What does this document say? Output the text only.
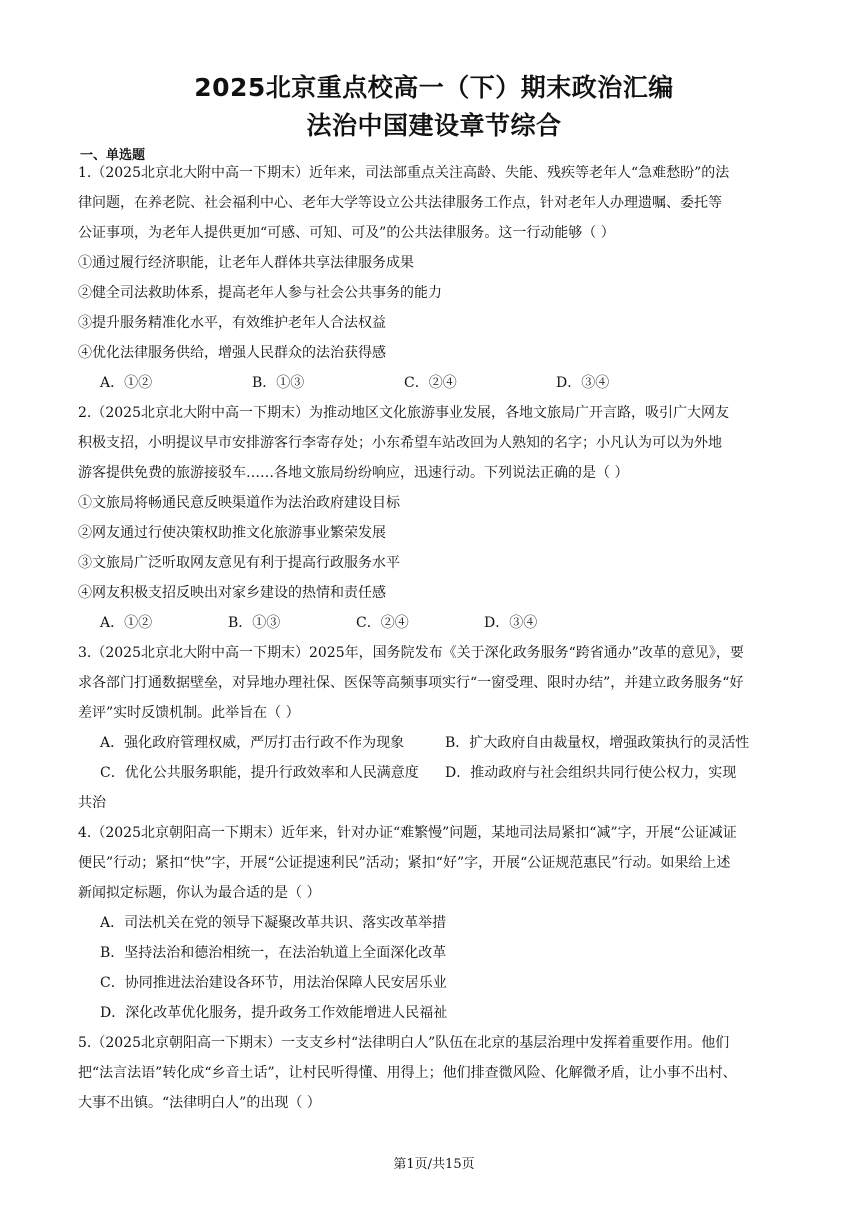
2025北京重点校高一（下）期末政治汇编
法治中国建设章节综合
一、单选题
1.（2025北京北大附中高一下期末）近年来，司法部重点关注高龄、失能、残疾等老年人“急难愁盼”的法
律问题，在养老院、社会福利中心、老年大学等设立公共法律服务工作点，针对老年人办理遗嘱、委托等
公证事项，为老年人提供更加“可感、可知、可及”的公共法律服务。这一行动能够（ ）
①通过履行经济职能，让老年人群体共享法律服务成果
②健全司法救助体系，提高老年人参与社会公共事务的能力
③提升服务精准化水平，有效维护老年人合法权益
④优化法律服务供给，增强人民群众的法治获得感
A．①②	B．①③	C．②④	D．③④
2.（2025北京北大附中高一下期末）为推动地区文化旅游事业发展，各地文旅局广开言路，吸引广大网友
积极支招，小明提议早市安排游客行李寄存处；小东希望车站改回为人熟知的名字；小凡认为可以为外地
游客提供免费的旅游接驳车……各地文旅局纷纷响应，迅速行动。下列说法正确的是（ ）
①文旅局将畅通民意反映渠道作为法治政府建设目标
②网友通过行使决策权助推文化旅游事业繁荣发展
③文旅局广泛听取网友意见有利于提高行政服务水平
④网友积极支招反映出对家乡建设的热情和责任感
A．①②	B．①③	C．②④	D．③④
3.（2025北京北大附中高一下期末）2025年，国务院发布《关于深化政务服务“跨省通办”改革的意见》，要
求各部门打通数据壁垒，对异地办理社保、医保等高频事项实行“一窗受理、限时办结”，并建立政务服务“好
差评”实时反馈机制。此举旨在（ ）
A．强化政府管理权威，严厉打击行政不作为现象	B．扩大政府自由裁量权，增强政策执行的灵活性
C．优化公共服务职能，提升行政效率和人民满意度 D．推动政府与社会组织共同行使公权力，实现
共治
4.（2025北京朝阳高一下期末）近年来，针对办证“难繁慢”问题，某地司法局紧扣“减”字，开展“公证减证
便民”行动；紧扣“快”字，开展“公证提速利民”活动；紧扣“好”字，开展“公证规范惠民”行动。如果给上述
新闻拟定标题，你认为最合适的是（ ）
A．司法机关在党的领导下凝聚改革共识、落实改革举措
B．坚持法治和德治相统一，在法治轨道上全面深化改革
C．协同推进法治建设各环节，用法治保障人民安居乐业
D．深化改革优化服务，提升政务工作效能增进人民福祉
5.（2025北京朝阳高一下期末）一支支乡村“法律明白人”队伍在北京的基层治理中发挥着重要作用。他们
把“法言法语”转化成“乡音土话”，让村民听得懂、用得上；他们排查微风险、化解微矛盾，让小事不出村、
大事不出镇。“法律明白人”的出现（ ）
第1页/共15页
